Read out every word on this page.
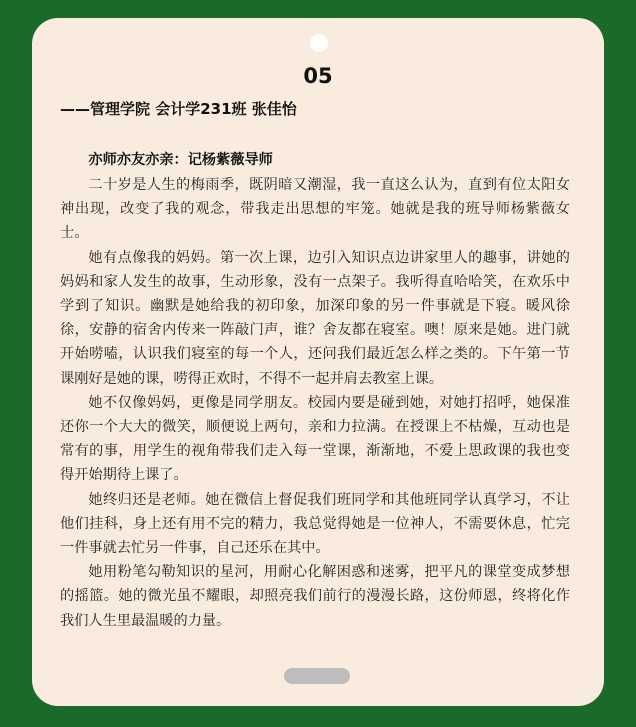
05
——管理学院 会计学231班 张佳怡

亦师亦友亦亲：记杨紫薇导师

二十岁是人生的梅雨季，既阴暗又潮湿，我一直这么认为，直到有位太阳女神出现，改变了我的观念，带我走出思想的牢笼。她就是我的班导师杨紫薇女士。

她有点像我的妈妈。第一次上课，边引入知识点边讲家里人的趣事，讲她的妈妈和家人发生的故事，生动形象，没有一点架子。我听得直哈哈笑，在欢乐中学到了知识。幽默是她给我的初印象，加深印象的另一件事就是下寝。暖风徐徐，安静的宿舍内传来一阵敲门声，谁？舍友都在寝室。噢！原来是她。进门就开始唠嗑，认识我们寝室的每一个人，还问我们最近怎么样之类的。下午第一节课刚好是她的课，唠得正欢时，不得不一起并肩去教室上课。

她不仅像妈妈，更像是同学朋友。校园内要是碰到她，对她打招呼，她保准还你一个大大的微笑，顺便说上两句，亲和力拉满。在授课上不枯燥，互动也是常有的事，用学生的视角带我们走入每一堂课，渐渐地，不爱上思政课的我也变得开始期待上课了。

她终归还是老师。她在微信上督促我们班同学和其他班同学认真学习，不让他们挂科，身上还有用不完的精力，我总觉得她是一位神人，不需要休息，忙完一件事就去忙另一件事，自己还乐在其中。

她用粉笔勾勒知识的星河，用耐心化解困惑和迷雾，把平凡的课堂变成梦想的摇篮。她的微光虽不耀眼，却照亮我们前行的漫漫长路，这份师恩，终将化作我们人生里最温暖的力量。
